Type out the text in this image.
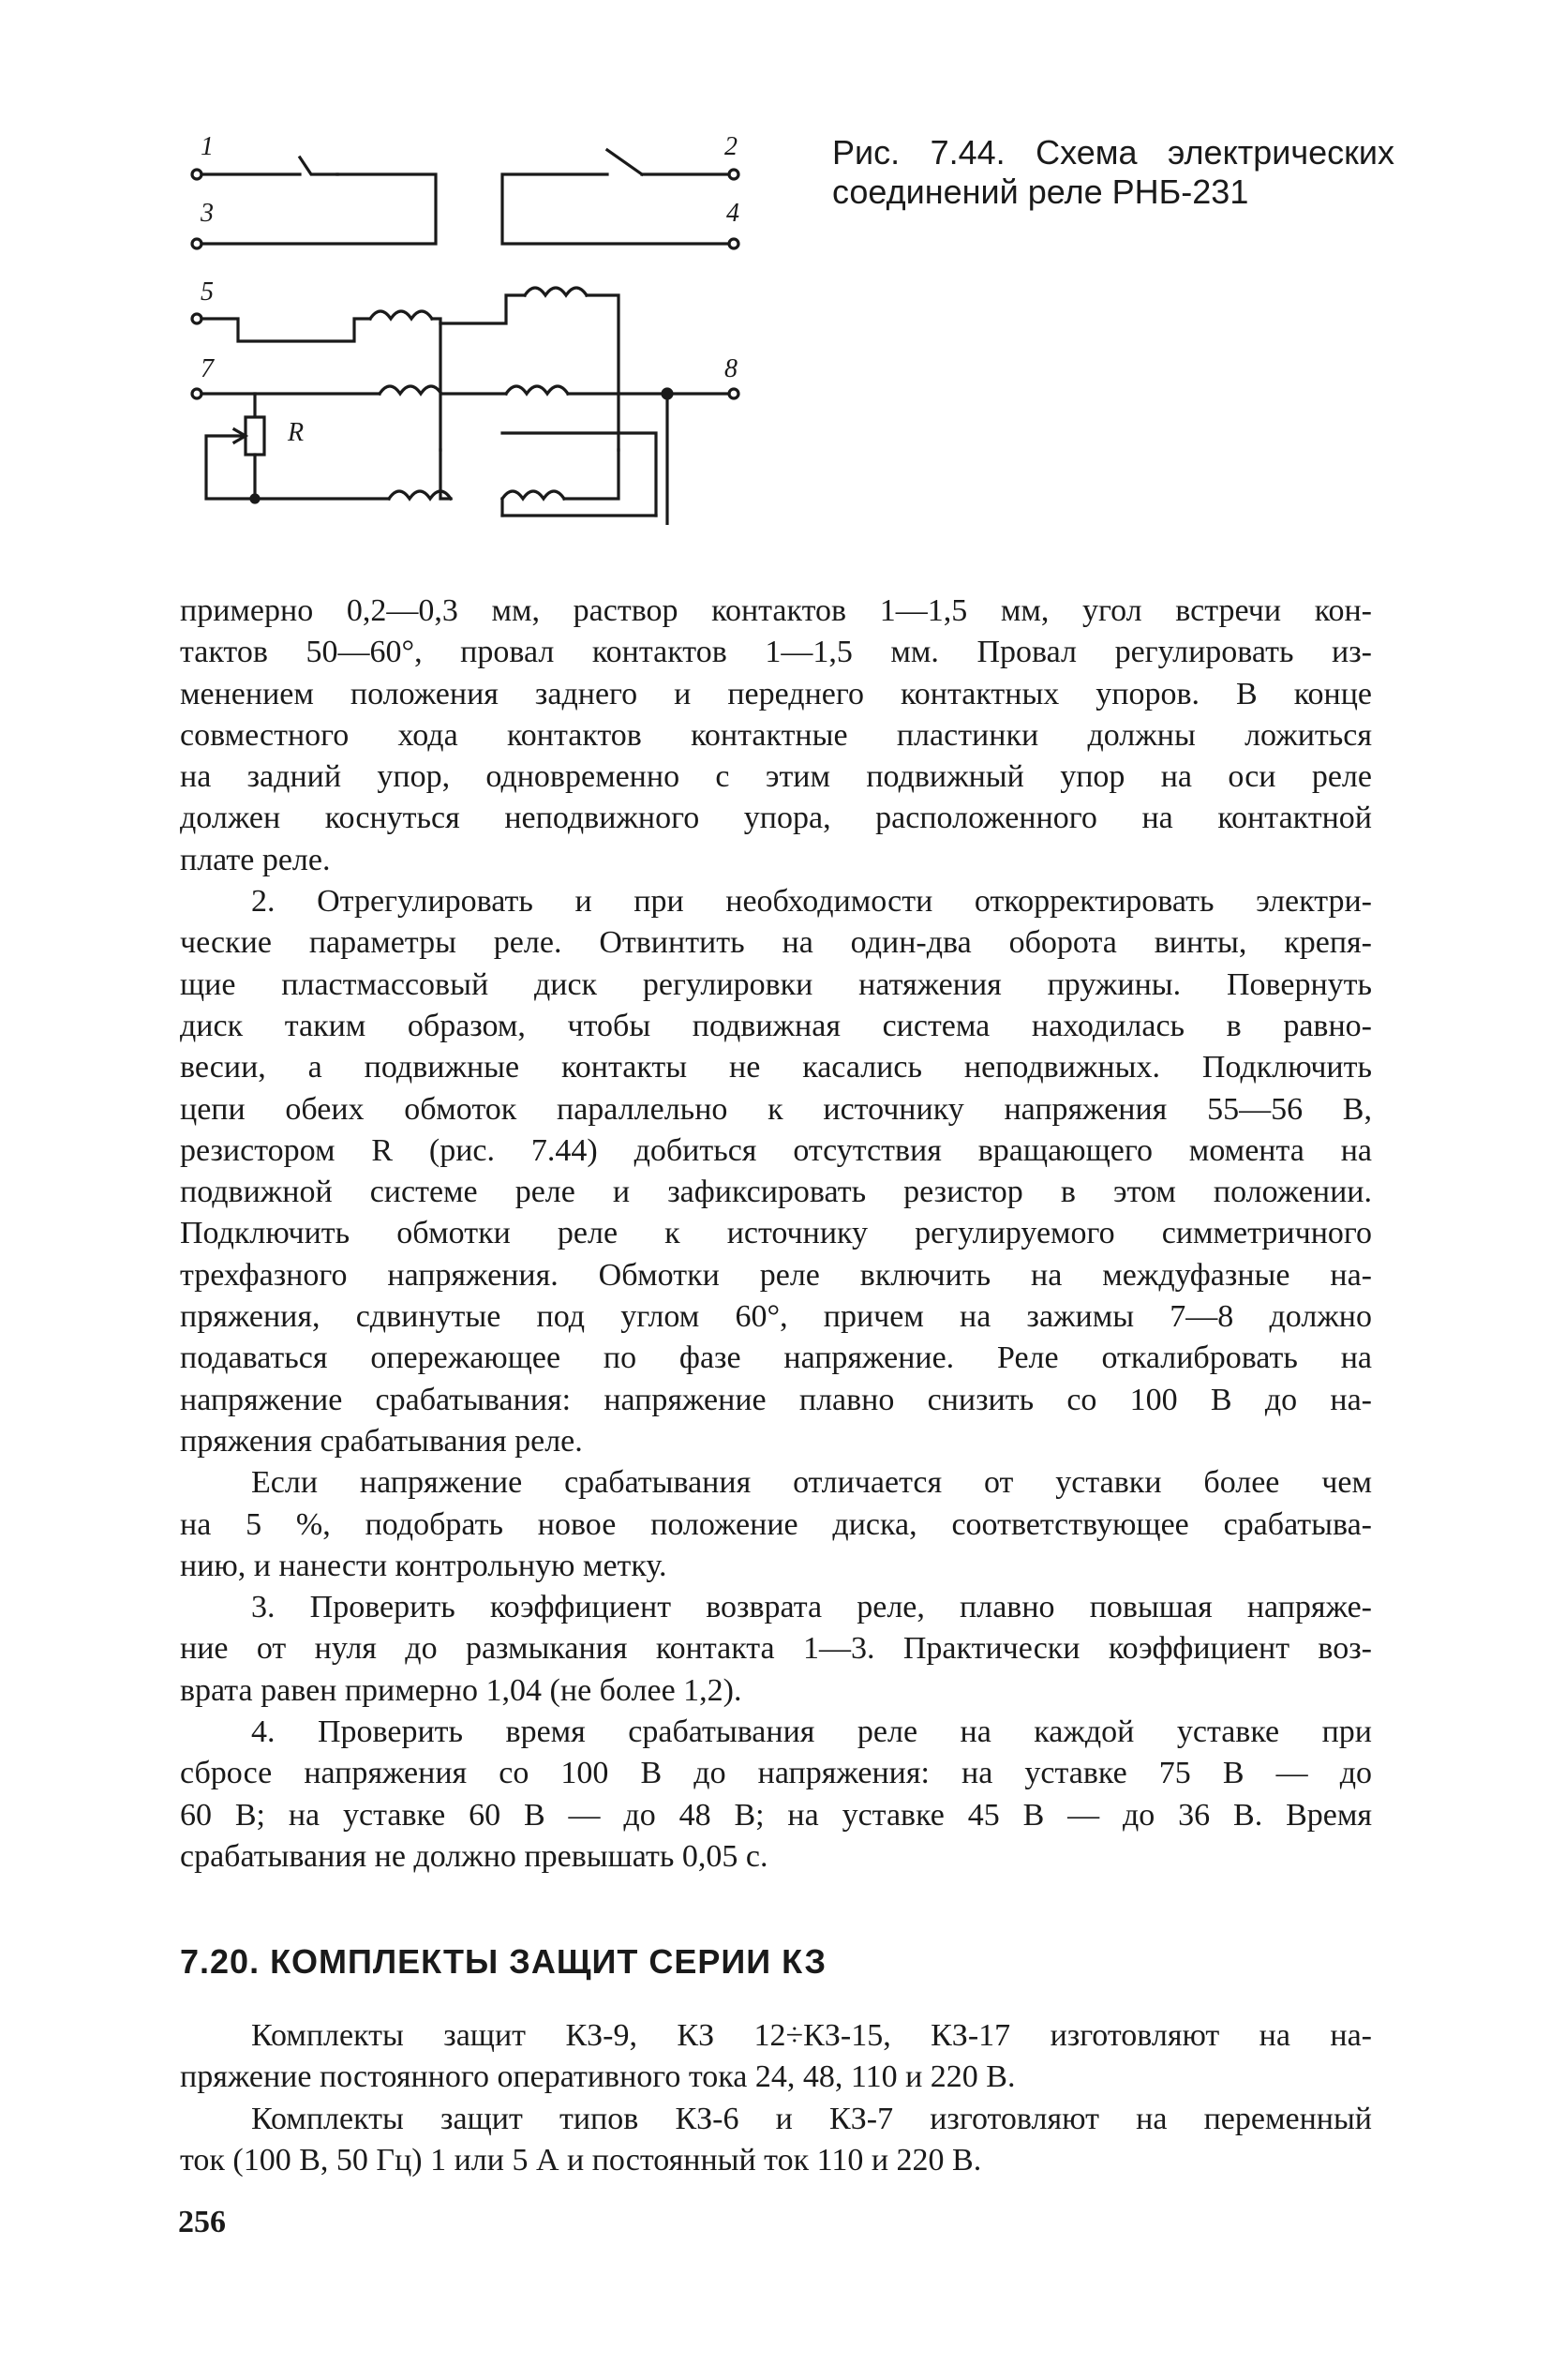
1	2
3	4
5
7	8
R
Рис. 7.44. Схема электрических
соединений реле РНБ-231

примерно 0,2—0,3 мм, раствор контактов 1—1,5 мм, угол встречи кон-
тактов 50—60°, провал контактов 1—1,5 мм. Провал регулировать из-
менением положения заднего и переднего контактных упоров. В конце
совместного хода контактов контактные пластинки должны ложиться
на задний упор, одновременно с этим подвижный упор на оси реле
должен коснуться неподвижного упора, расположенного на контактной
плате реле.

2. Отрегулировать и при необходимости откорректировать электри-
ческие параметры реле. Отвинтить на один-два оборота винты, крепя-
щие пластмассовый диск регулировки натяжения пружины. Повернуть
диск таким образом, чтобы подвижная система находилась в равно-
весии, а подвижные контакты не касались неподвижных. Подключить
цепи обеих обмоток параллельно к источнику напряжения 55—56 В,
резистором R (рис. 7.44) добиться отсутствия вращающего момента на
подвижной системе реле и зафиксировать резистор в этом положении.
Подключить обмотки реле к источнику регулируемого симметричного
трехфазного напряжения. Обмотки реле включить на междуфазные на-
пряжения, сдвинутые под углом 60°, причем на зажимы 7—8 должно
подаваться опережающее по фазе напряжение. Реле откалибровать на
напряжение срабатывания: напряжение плавно снизить со 100 В до на-
пряжения срабатывания реле.

Если напряжение срабатывания отличается от уставки более чем
на 5 %, подобрать новое положение диска, соответствующее срабатыва-
нию, и нанести контрольную метку.

3. Проверить коэффициент возврата реле, плавно повышая напряже-
ние от нуля до размыкания контакта 1—3. Практически коэффициент воз-
врата равен примерно 1,04 (не более 1,2).

4. Проверить время срабатывания реле на каждой уставке при
сбросе напряжения со 100 В до напряжения: на уставке 75 В — до
60 В; на уставке 60 В — до 48 В; на уставке 45 В — до 36 В. Время
срабатывания не должно превышать 0,05 с.

7.20. КОМПЛЕКТЫ ЗАЩИТ СЕРИИ КЗ

Комплекты защит КЗ-9, КЗ 12÷КЗ-15, КЗ-17 изготовляют на на-
пряжение постоянного оперативного тока 24, 48, 110 и 220 В.

Комплекты защит типов КЗ-6 и КЗ-7 изготовляют на переменный
ток (100 В, 50 Гц) 1 или 5 А и постоянный ток 110 и 220 В.

256
